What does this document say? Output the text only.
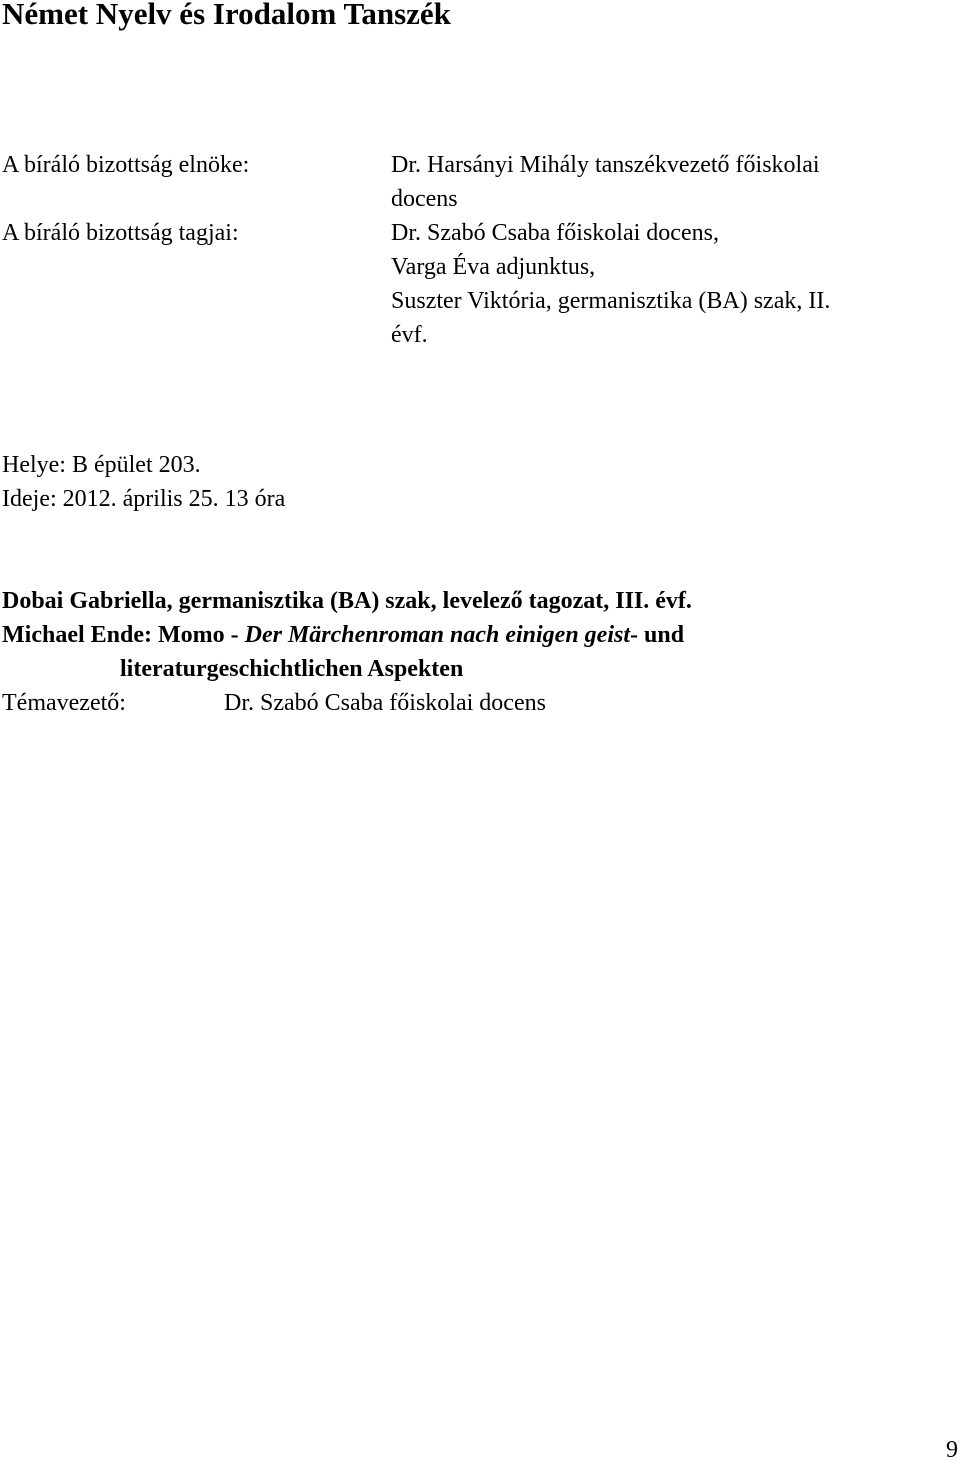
Német Nyelv és Irodalom Tanszék
A bíráló bizottság elnöke:	Dr. Harsányi Mihály tanszékvezető főiskolai
docens
A bíráló bizottság tagjai:	Dr. Szabó Csaba főiskolai docens,
Varga Éva adjunktus,
Suszter Viktória, germanisztika (BA) szak, II.
évf.
Helye: B épület 203.
Ideje: 2012. április 25. 13 óra
Dobai Gabriella, germanisztika (BA) szak, levelező tagozat, III. évf.
Michael Ende: Momo - Der Märchenroman nach einigen geist- und
literaturgeschichtlichen Aspekten
Témavezető:	Dr. Szabó Csaba főiskolai docens
9
